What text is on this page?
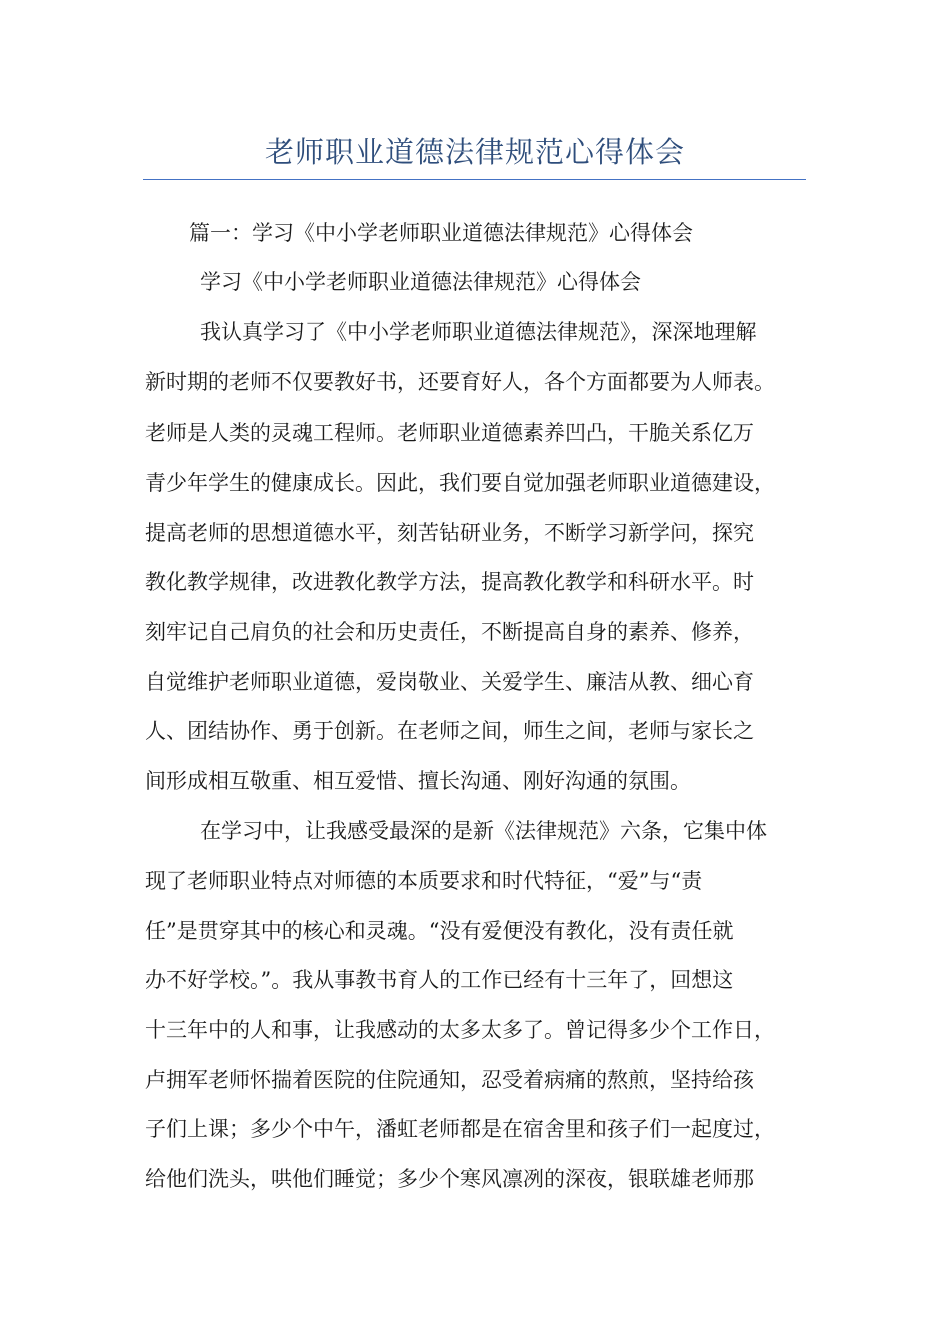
老师职业道德法律规范心得体会
篇一：学习《中小学老师职业道德法律规范》心得体会
学习《中小学老师职业道德法律规范》心得体会
我认真学习了《中小学老师职业道德法律规范》，深深地理解
新时期的老师不仅要教好书，还要育好人，各个方面都要为人师表。
老师是人类的灵魂工程师。老师职业道德素养凹凸，干脆关系亿万
青少年学生的健康成长。因此，我们要自觉加强老师职业道德建设，
提高老师的思想道德水平，刻苦钻研业务，不断学习新学问，探究
教化教学规律，改进教化教学方法，提高教化教学和科研水平。时
刻牢记自己肩负的社会和历史责任，不断提高自身的素养、修养，
自觉维护老师职业道德，爱岗敬业、关爱学生、廉洁从教、细心育
人、团结协作、勇于创新。在老师之间，师生之间，老师与家长之
间形成相互敬重、相互爱惜、擅长沟通、刚好沟通的氛围。
在学习中，让我感受最深的是新《法律规范》六条，它集中体
现了老师职业特点对师德的本质要求和时代特征，“爱”与“责
任”是贯穿其中的核心和灵魂。“没有爱便没有教化，没有责任就
办不好学校。”。我从事教书育人的工作已经有十三年了，回想这
十三年中的人和事，让我感动的太多太多了。曾记得多少个工作日，
卢拥军老师怀揣着医院的住院通知，忍受着病痛的熬煎，坚持给孩
子们上课；多少个中午，潘虹老师都是在宿舍里和孩子们一起度过，
给他们洗头，哄他们睡觉；多少个寒风凛冽的深夜，银联雄老师那
